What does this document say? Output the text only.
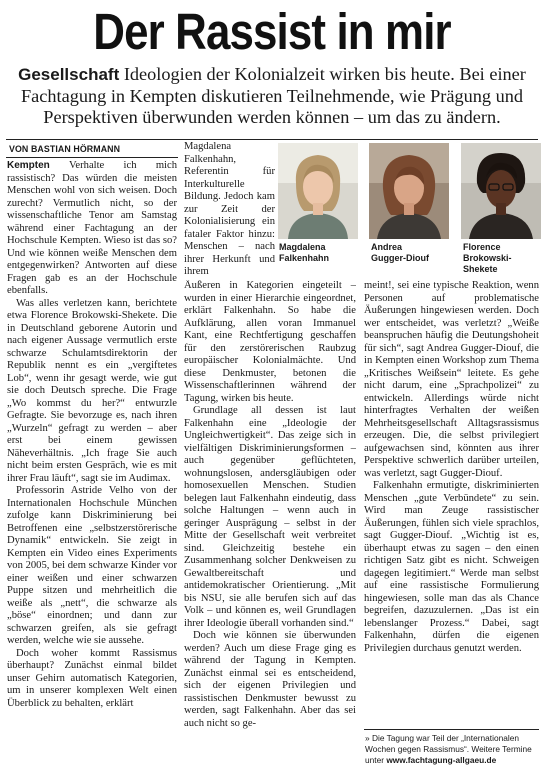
Der Rassist in mir
Gesellschaft Ideologien der Kolonialzeit wirken bis heute. Bei einer Fachtagung in Kempten diskutieren Teilnehmende, wie Prägung und Perspektiven überwunden werden können – um das zu ändern.
VON BASTIAN HÖRMANN

Kempten Verhalte ich mich rassistisch? Das würden die meisten Menschen wohl von sich weisen. Doch zurecht? Vermutlich nicht, so der wissenschaftliche Tenor am Samstag während einer Fachtagung an der Hochschule Kempten. Wieso ist das so? Und wie können weiße Menschen dem entgegenwirken? Antworten auf diese Fragen gab es an der Hochschule ebenfalls.

Was alles verletzen kann, berichtete etwa Florence Brokowski-Shekete. Die in Deutschland geborene Autorin und nach eigener Aussage vermutlich erste schwarze Schulamtsdirektorin der Republik nennt es ein „vergiftetes Lob“, wenn ihr gesagt werde, wie gut sie doch Deutsch spreche. Die Frage „Wo kommst du her?“ entwurzle Gefragte. Sie bevorzuge es, nach ihren „Wurzeln“ gefragt zu werden – aber erst bei einem gewissen Näheverhältnis. „Ich frage Sie auch nicht beim ersten Gespräch, wie es mit ihrer Frau läuft“, sagt sie im Audimax.

Professorin Astride Velho von der Internationalen Hochschule München zufolge kann Diskriminierung bei Betroffenen eine „selbstzerstörerische Dynamik“ entwickeln. Sie zeigt in Kempten ein Video eines Experiments von 2005, bei dem schwarze Kinder vor einer weißen und einer schwarzen Puppe sitzen und mehrheitlich die weiße als „nett“, die schwarze als „böse“ einordnen; und dann zur schwarzen greifen, als sie gefragt werden, welche wie sie aussehe.

Doch woher kommt Rassismus überhaupt? Zunächst einmal bildet unser Gehirn automatisch Kategorien, um in unserer komplexen Welt einen Überblick zu behalten, erklärt

Magdalena Falkenhahn, Referentin für Interkulturelle Bildung. Jedoch kam zur Zeit der Kolonialisierung ein fataler Faktor hinzu: Menschen – nach ihrer Herkunft und ihrem

Äußeren in Kategorien eingeteilt – wurden in einer Hierarchie eingeordnet, erklärt Falkenhahn. So habe die Aufklärung, allen voran Immanuel Kant, eine Rechtfertigung geschaffen für den zerstörerischen Raubzug europäischer Kolonialmächte. Und diese Denkmuster, betonen die Wissenschaftlerinnen während der Tagung, wirken bis heute.

Grundlage all dessen ist laut Falkenhahn eine „Ideologie der Ungleichwertigkeit“. Das zeige sich in vielfältigen Diskriminierungsformen – auch gegenüber geflüchteten, wohnungslosen, andersgläubigen oder homosexuellen Menschen. Studien belegen laut Falkenhahn eindeutig, dass solche Haltungen – wenn auch in geringer Ausprägung – selbst in der Mitte der Gesellschaft weit verbreitet sind. Gleichzeitig bestehe ein Zusammenhang solcher Denkweisen zu Gewaltbereitschaft und antidemokratischer Orientierung. „Mit bis NSU, sie alle berufen sich auf das Volk – und können es, weil Grundlagen ihrer Ideologie überall vorhanden sind.“

Doch wie können sie überwunden werden? Auch um diese Frage ging es während der Tagung in Kempten. Zunächst einmal sei es entscheidend, sich der eigenen Privilegien und rassistischen Denkmuster bewusst zu werden, sagt Falkenhahn. Aber das sei auch nicht so ge-

Magdalena
Falkenhahn
Andrea
Gugger-Diouf
Florence
Brokowski-Shekete

meint!, sei eine typische Reaktion, wenn Personen auf problematische Äußerungen hingewiesen werden. Doch wer entscheidet, was verletzt? „Weiße beanspruchen häufig die Deutungshoheit für sich“, sagt Andrea Gugger-Diouf, die in Kempten einen Workshop zum Thema „Kritisches Weißsein“ leitete. Es gehe nicht darum, eine „Sprachpolizei“ zu entwickeln. Allerdings würde nicht hinterfragtes Verhalten der weißen Mehrheitsgesellschaft Alltagsrassismus erzeugen. Die, die selbst privilegiert aufgewachsen sind, könnten aus ihrer Perspektive schwerlich darüber urteilen, was verletzt, sagt Gugger-Diouf.

Falkenhahn ermutigte, diskriminierten Menschen „gute Verbündete“ zu sein. Wird man Zeuge rassistischer Äußerungen, fühlen sich viele sprachlos, sagt Gugger-Diouf. „Wichtig ist es, überhaupt etwas zu sagen – den einen richtigen Satz gibt es nicht. Schweigen dagegen legitimiert.“ Werde man selbst auf eine rassistische Formulierung hingewiesen, solle man das als Chance begreifen, dazuzulernen. „Das ist ein lebenslanger Prozess.“ Dabei, sagt Falkenhahn, dürfen die eigenen Privilegien durchaus genutzt werden.

» Die Tagung war Teil der „Internationalen Wochen gegen Rassismus“. Weitere Termine unter www.fachtagung-allgaeu.de
